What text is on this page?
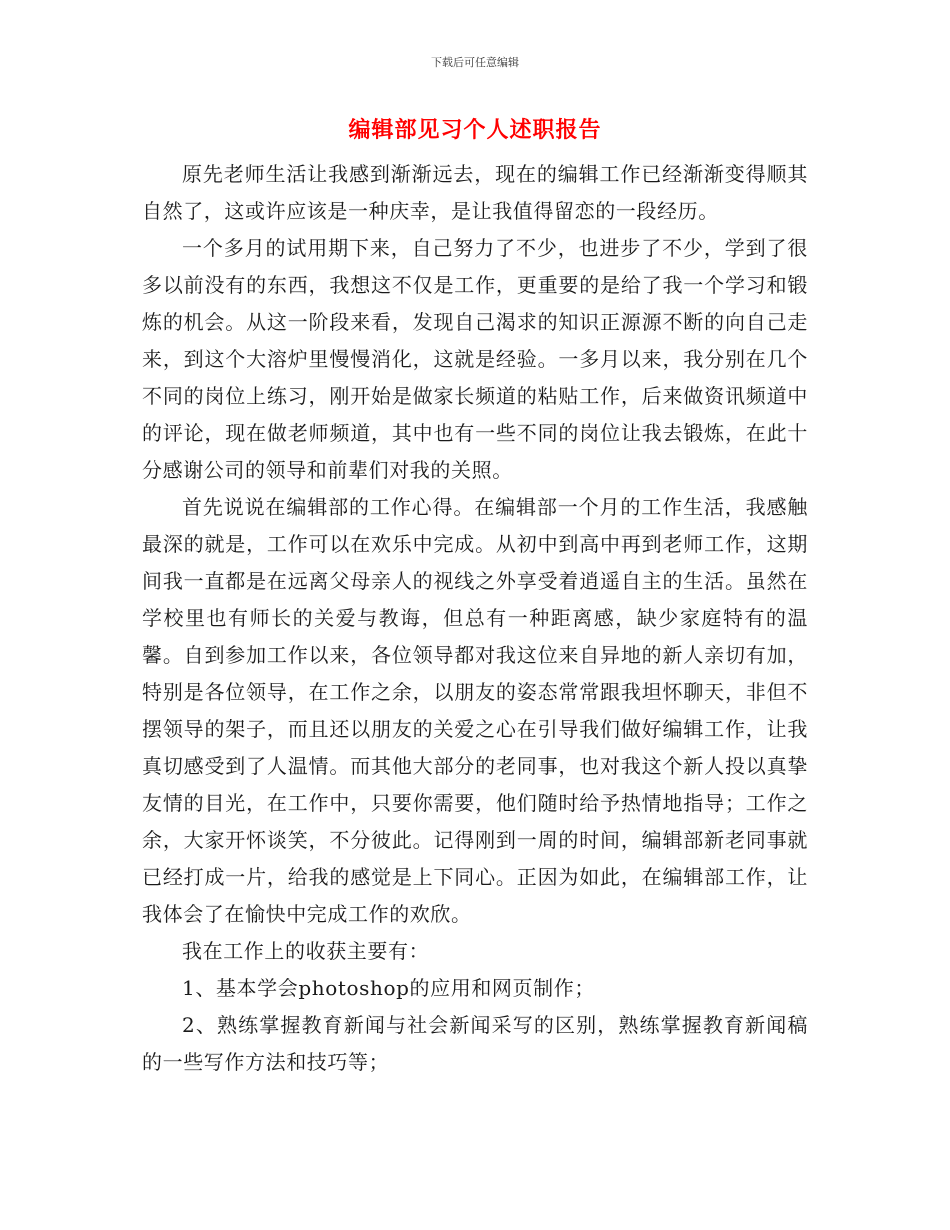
下载后可任意编辑
编辑部见习个人述职报告

原先老师生活让我感到渐渐远去，现在的编辑工作已经渐渐变得顺其自然了，这或许应该是一种庆幸，是让我值得留恋的一段经历。

一个多月的试用期下来，自己努力了不少，也进步了不少，学到了很多以前没有的东西，我想这不仅是工作，更重要的是给了我一个学习和锻炼的机会。从这一阶段来看，发现自己渴求的知识正源源不断的向自己走来，到这个大溶炉里慢慢消化，这就是经验。一多月以来，我分别在几个不同的岗位上练习，刚开始是做家长频道的粘贴工作，后来做资讯频道中的评论，现在做老师频道，其中也有一些不同的岗位让我去锻炼，在此十分感谢公司的领导和前辈们对我的关照。

首先说说在编辑部的工作心得。在编辑部一个月的工作生活，我感触最深的就是，工作可以在欢乐中完成。从初中到高中再到老师工作，这期间我一直都是在远离父母亲人的视线之外享受着逍遥自主的生活。虽然在学校里也有师长的关爱与教诲，但总有一种距离感，缺少家庭特有的温馨。自到参加工作以来，各位领导都对我这位来自异地的新人亲切有加，特别是各位领导，在工作之余，以朋友的姿态常常跟我坦怀聊天，非但不摆领导的架子，而且还以朋友的关爱之心在引导我们做好编辑工作，让我真切感受到了人温情。而其他大部分的老同事，也对我这个新人投以真挚友情的目光，在工作中，只要你需要，他们随时给予热情地指导；工作之余，大家开怀谈笑，不分彼此。记得刚到一周的时间，编辑部新老同事就已经打成一片，给我的感觉是上下同心。正因为如此，在编辑部工作，让我体会了在愉快中完成工作的欢欣。

我在工作上的收获主要有：

1、基本学会photoshop的应用和网页制作；

2、熟练掌握教育新闻与社会新闻采写的区别，熟练掌握教育新闻稿的一些写作方法和技巧等；
